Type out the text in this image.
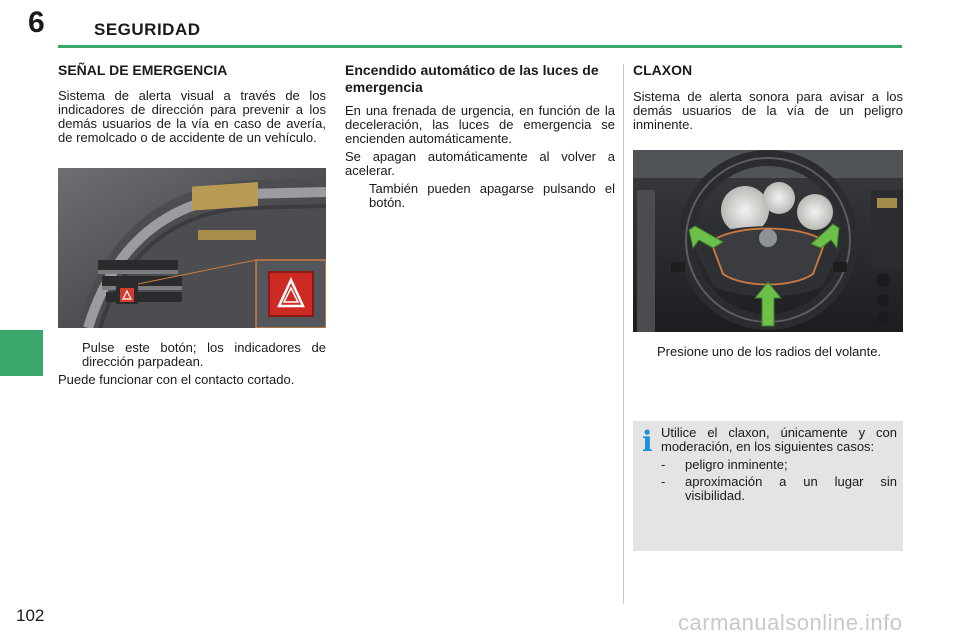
6	SEGURIDAD
SEÑAL DE EMERGENCIA

Sistema de alerta visual a través de los indicadores de dirección para prevenir a los demás usuarios de la vía en caso de avería, de remolcado o de accidente de un vehículo.

Pulse este botón; los indicadores de dirección parpadean.

Puede funcionar con el contacto cortado.

Encendido automático de las luces de emergencia

En una frenada de urgencia, en función de la deceleración, las luces de emergencia se encienden automáticamente.

Se apagan automáticamente al volver a acelerar.

También pueden apagarse pulsando el botón.
CLAXON

Sistema de alerta sonora para avisar a los demás usuarios de la vía de un peligro inminente.

Presione uno de los radios del volante.
i Utilice el claxon, únicamente y con moderación, en los siguientes casos:

- peligro inminente;
- aproximación a un lugar sin visibilidad.
102	carmanualsonline.info
